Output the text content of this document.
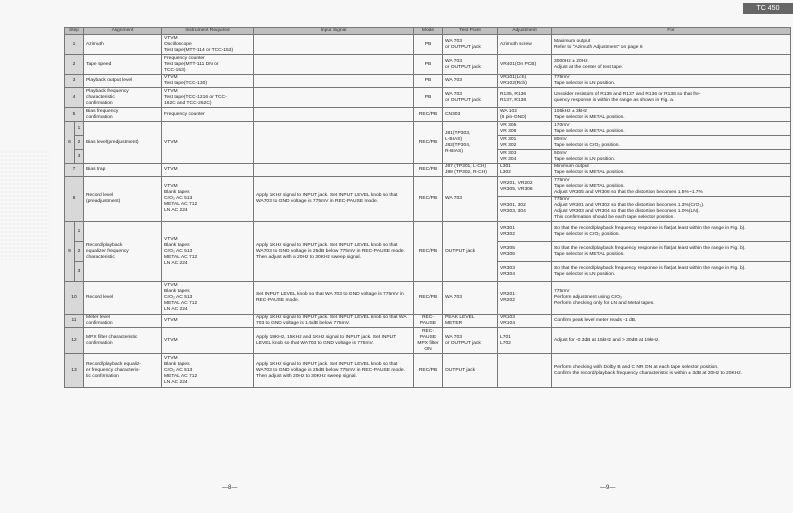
TC 450
Step		Alignment	Instrument Required	Input Signal	Mode	Test Point	Adjustment	For
1		Azimuth	VTVM
Oscilloscope
Test tape(MTT-114 or TCC-153)		PB	WA 703
or OUTPUT jack	Azimuth screw	Maximum output
Refer to "Azimuth Adjustment" on page 6
2		Tape speed	Frequency counter
Test tape(MTT-111 DN or
TCC-153)		PB	WA 703
or OUTPUT jack	VR401(On PCB)	3000Hz ± 20Hz
Adjust at the center of test tape.
3		Playback output level	VTVM
Test tape(TCC-130)		PB	WA 703	VR101(Lch)
VR102(Rch)	775mV
Tape selector is LN position.
4		Playback frequency
characteristic
confirmation	VTVM
Test tape(TCC-1216 or TCC-
162C and TCC-262C)		PB	WA 703
or OUTPUT jack	R135, R136
R137, R138	Unsolder resistors of R135 and R137 and R136 or R138 so that fre-
quency response is within the range as shown in Fig. a.
5		Bias frequency
confirmation	Frequency counter		REC/PB	CN303	WA 102
(6 pin-GND)	105kHz ± 3kHz
Tape selector is METAL position.
6	1	Bias level(predjustment)	VTVM		REC/PB	J81(TP303,
L-BIAS)
J82(TP304,
R-BIAS)	VR 305
VR 306	170mV
Tape selector is METAL position.
	2						VR 301
VR 302	80mV
Tape selector is CrO₂ position.
	3						VR 303
VR 304	50mV
Tape selector is LN position.
7		Bias trap	VTVM		REC/PB	J87 (TP301, L-CH)
J88 (TP302, R-CH)	L301
L302	Minimum output
Tape selector is METAL position.
8		Record level
(preadjustment)	VTVM
Blank tapes
CrO₂ AC 513
METAL AC 712
LN AC 224	Apply 1KHz signal to INPUT jack. Set INPUT LEVEL knob so that WA703 to GND voltage is 775mV in REC-PAUSE mode.	REC/PB	WA 703	VR201, VR202
VR305, VR306	775mV
Tape selector is METAL position.
Adjust VR305 and VR306 so that the distortion becomes 1.5%~1.7%
							VR301, 302
VR303, 304	775mV
Adjust VR301 and VR302 so that the distortion becomes 1.3%(CrO₂).
Adjust VR303 and VR304 so that the distortion becomes 1.0%(LN).
This confirmation should be each tape selector position.
9	1	Record/playback
equalizer frequency
characteristic	VTVM
Blank tapes
CrO₂ AC 513
METAL AC 712
LN AC 224	Apply 1KHz signal to INPUT jack. Set INPUT LEVEL knob so that WA703 to GND voltage is 25dB below 775mV in REC-PAUSE mode.
Then adjust with a 20Hz to 30KHz sweep signal.	REC/PB	OUTPUT jack	VR301
VR302	So that the record/playback frequency response is flat(at least within the range in Fig. b).
Tape selector is CrO₂ position.
	2						VR305
VR306	So that the record/playback frequency response is flat(at least within the range in Fig. b).
Tape selector is METAL position.
	3						VR303
VR304	So that the record/playback frequency response is flat(at least within the range in Fig. b).
Tape selector is LN position.
10		Record level	VTVM
Blank tapes
CrO₂ AC 513
METAL AC 712
LN AC 224	Set INPUT LEVEL knob so that WA 703 to GND voltage is 775mV in REC-PAUSE mode.	REC/PB	WA 703	VR201
VR202	775mV
Perform adjustment using CrO₂
Perform checking only for LN and Metal tapes.
11		Meter level
confirmation	VTVM	Apply 1KHz signal to INPUT jack. Set INPUT LEVEL knob so that WA 703 to GND voltage is 1.5dB below 775mV.	REC-
PAUSE	PEAK LEVEL
METER	VR103
VR104	Confirm peak level meter reads -1 dB.
12		MPX filter characteristic
confirmation	VTVM	Apply 19KHz, 15KHz and 1KHz signal to INPUT jack. Set INPUT LEVEL knob so that WA703 to GND voltage is 775mV.	REC-
PAUSE
MPX filter
ON	WA 703
or OUTPUT jack	L701
L702	Adjust for -0.3dB at 15kHz and > 30dB at 19kHz.
13		Record/playback equaliz-
er frequency characteris-
tic confirmation	VTVM
Blank tapes
CrO₂ AC 513
METAL AC 712
LN AC 224	Apply 1KHz signal to INPUT jack. Set INPUT LEVEL knob so that WA703 to GND voltage is 25dB below 775mV in REC-PAUSE mode.
Then adjust with 20Hz to 30KHz sweep signal.	REC/PB	OUTPUT jack		Perform checking with Dolby B and C NR ON at each tape selector position.
Confirm the record/playback frequency characteristic is within ± 3dB at 20Hz to 20KHz.
—8—	—9—
